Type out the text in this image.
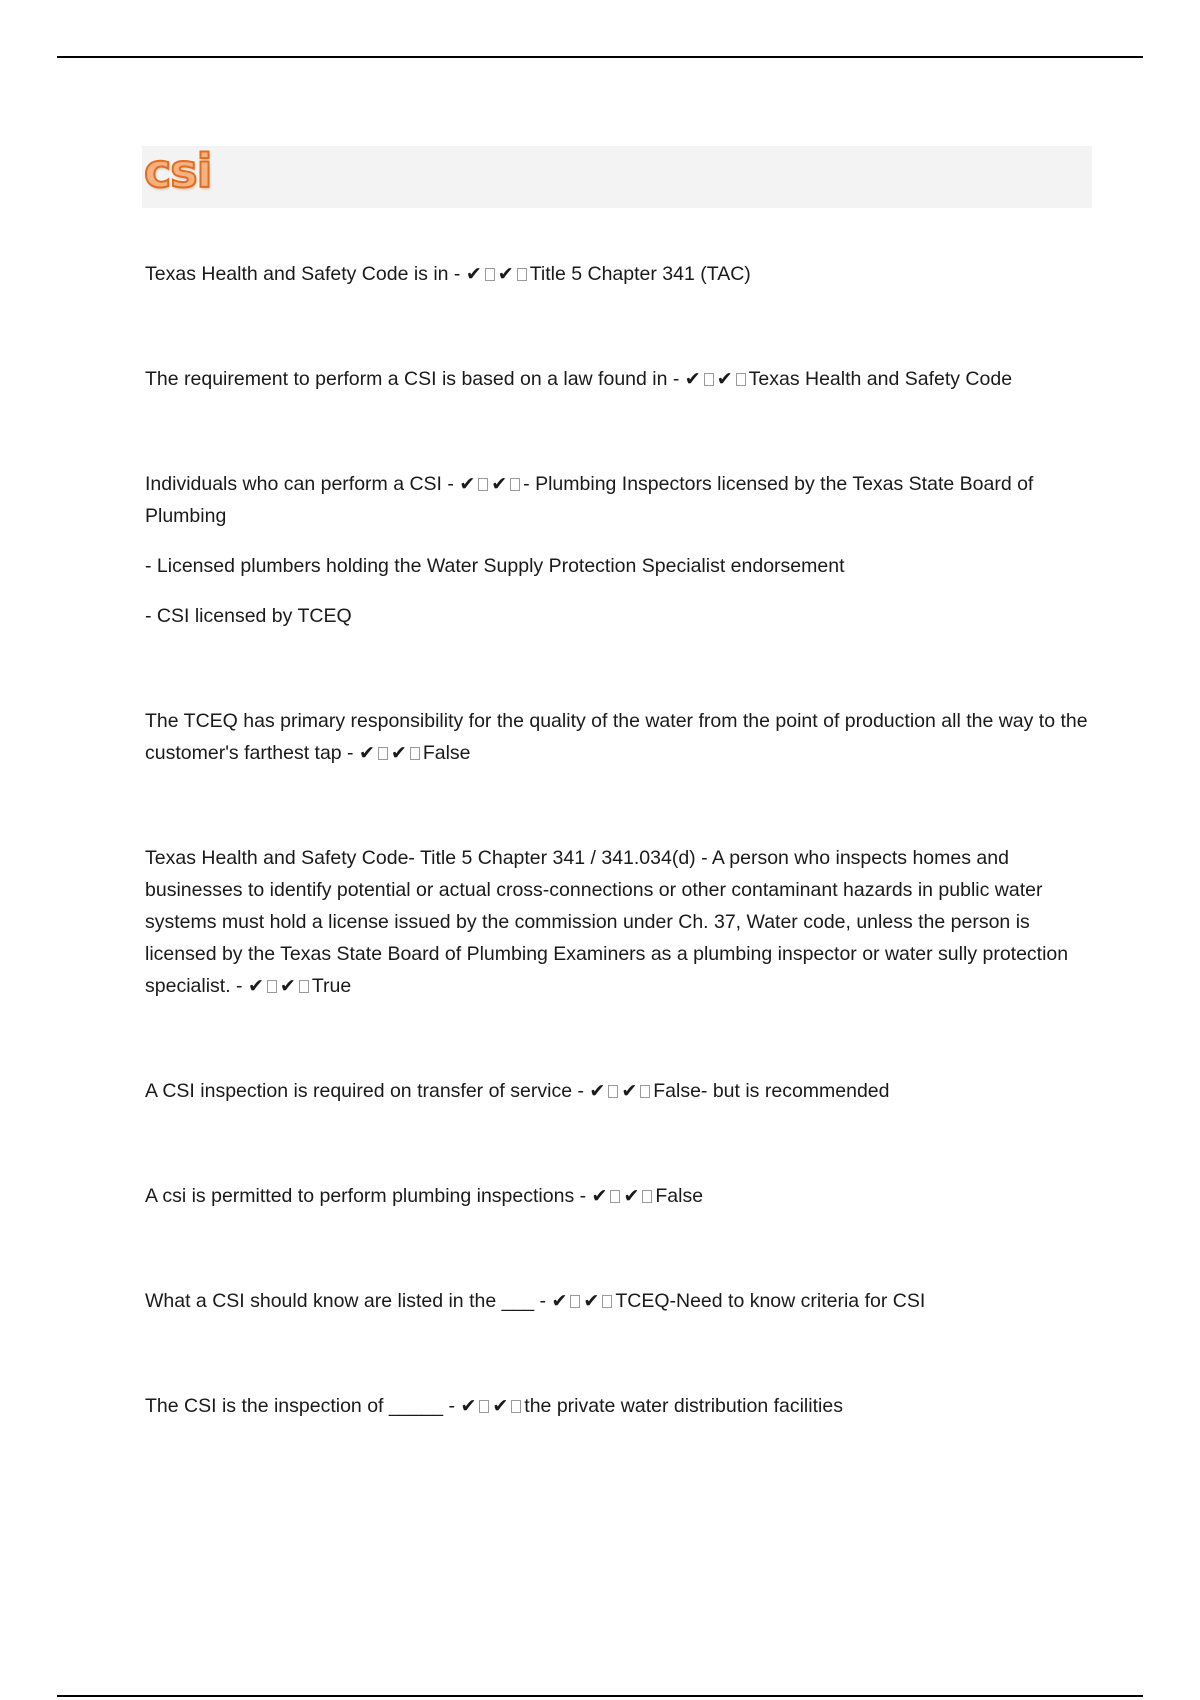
csi
Texas Health and Safety Code is in - ✔ ✔ Title 5 Chapter 341 (TAC)
The requirement to perform a CSI is based on a law found in - ✔ ✔ Texas Health and Safety Code
Individuals who can perform a CSI - ✔ ✔ - Plumbing Inspectors licensed by the Texas State Board of Plumbing
- Licensed plumbers holding the Water Supply Protection Specialist endorsement
- CSI licensed by TCEQ
The TCEQ has primary responsibility for the quality of the water from the point of production all the way to the customer's farthest tap - ✔ ✔ False
Texas Health and Safety Code- Title 5 Chapter 341 / 341.034(d) - A person who inspects homes and businesses to identify potential or actual cross-connections or other contaminant hazards in public water systems must hold a license issued by the commission under Ch. 37, Water code, unless the person is licensed by the Texas State Board of Plumbing Examiners as a plumbing inspector or water sully protection specialist. - ✔ ✔ True
A CSI inspection is required on transfer of service - ✔ ✔ False- but is recommended
A csi is permitted to perform plumbing inspections - ✔ ✔ False
What a CSI should know are listed in the ___ - ✔ ✔ TCEQ-Need to know criteria for CSI
The CSI is the inspection of _____ - ✔ ✔ the private water distribution facilities
